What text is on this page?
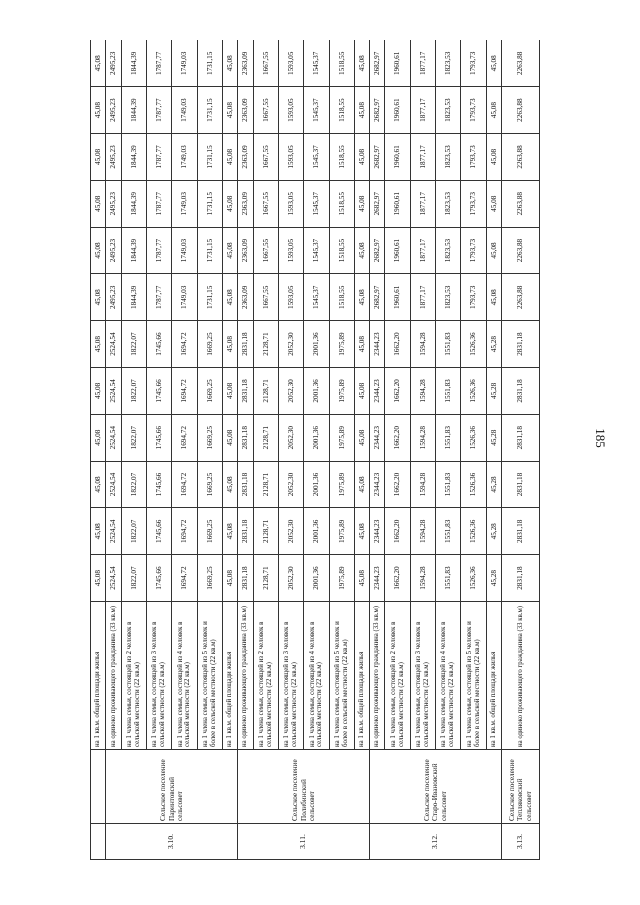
185
		на 1 кв.м. общей площади жилья	45,08	45,08	45,08	45,08	45,08	45,08	45,08	45,08	45,08	45,08	45,08	45,08
3.10.	Сельское поселение Паринтовский сельсовет	на одиноко проживающего гражданина (33 кв.м)	2524,54	2524,54	2524,54	2524,54	2524,54	2524,54	2495,23	2495,23	2495,23	2495,23	2495,23	2495,23
		на 1 члена семьи, состоящей из 2 человек в сельской местности (22 кв.м)	1822,07	1822,07	1822,07	1822,07	1822,07	1822,07	1844,39	1844,39	1844,39	1844,39	1844,39	1844,39
		на 1 члена семьи, состоящей из 3 человек в сельской местности (22 кв.м)	1745,66	1745,66	1745,66	1745,66	1745,66	1745,66	1787,77	1787,77	1787,77	1787,77	1787,77	1787,77
		на 1 члена семьи, состоящей из 4 человек в сельской местности (22 кв.м)	1694,72	1694,72	1694,72	1694,72	1694,72	1694,72	1749,03	1749,03	1749,03	1749,03	1749,03	1749,03
		на 1 члена семьи, состоящей из 5 человек и более в сельской местности (22 кв.м)	1669,25	1669,25	1669,25	1669,25	1669,25	1669,25	1731,15	1731,15	1731,15	1731,15	1731,15	1731,15
		на 1 кв.м. общей площади жилья	45,08	45,08	45,08	45,08	45,08	45,08	45,08	45,08	45,08	45,08	45,08	45,08
3.11.	Сельское поселение Полибинский сельсовет	на одиноко проживающего гражданина (33 кв.м)	2831,18	2831,18	2831,18	2831,18	2831,18	2831,18	2363,09	2363,09	2363,09	2363,09	2363,09	2363,09
		на 1 члена семьи, состоящей из 2 человек в сельской местности (22 кв.м)	2128,71	2128,71	2128,71	2128,71	2128,71	2128,71	1667,55	1667,55	1667,55	1667,55	1667,55	1667,55
		на 1 члена семьи, состоящей из 3 человек в сельской местности (22 кв.м)	2052,30	2052,30	2052,30	2052,30	2052,30	2052,30	1593,05	1593,05	1593,05	1593,05	1593,05	1593,05
		на 1 члена семьи, состоящей из 4 человек в сельской местности (22 кв.м)	2001,36	2001,36	2001,36	2001,36	2001,36	2001,36	1545,37	1545,37	1545,37	1545,37	1545,37	1545,37
		на 1 члена семьи, состоящей из 5 человек и более в сельской местности (22 кв.м)	1975,89	1975,89	1975,89	1975,89	1975,89	1975,89	1518,55	1518,55	1518,55	1518,55	1518,55	1518,55
		на 1 кв.м. общей площади жилья	45,08	45,08	45,08	45,08	45,08	45,08	45,08	45,08	45,08	45,08	45,08	45,08
3.12.	Сельское поселение Старо-Ивановский сельсовет	на одиноко проживающего гражданина (33 кв.м)	2344,23	2344,23	2344,23	2344,23	2344,23	2344,23	2682,97	2682,97	2682,97	2682,97	2682,97	2682,97
		на 1 члена семьи, состоящей из 2 человек в сельской местности (22 кв.м)	1662,20	1662,20	1662,20	1662,20	1662,20	1662,20	1960,61	1960,61	1960,61	1960,61	1960,61	1960,61
		на 1 члена семьи, состоящей из 3 человек в сельской местности (22 кв.м)	1594,28	1594,28	1594,28	1594,28	1594,28	1594,28	1877,17	1877,17	1877,17	1877,17	1877,17	1877,17
		на 1 члена семьи, состоящей из 4 человек в сельской местности (22 кв.м)	1551,83	1551,83	1551,83	1551,83	1551,83	1551,83	1823,53	1823,53	1823,53	1823,53	1823,53	1823,53
		на 1 члена семьи, состоящей из 5 человек и более в сельской местности (22 кв.м)	1526,36	1526,36	1526,36	1526,36	1526,36	1526,36	1793,73	1793,73	1793,73	1793,73	1793,73	1793,73
		на 1 кв.м. общей площади жилья	45,28	45,28	45,28	45,28	45,28	45,28	45,08	45,08	45,08	45,08	45,08	45,08
3.13.	Сельское поселение Тепляковский сельсовет	на одиноко проживающего гражданина (33 кв.м)	2831,18	2831,18	2831,18	2831,18	2831,18	2831,18	2263,88	2263,88	2263,88	2263,88	2263,88	2263,88
